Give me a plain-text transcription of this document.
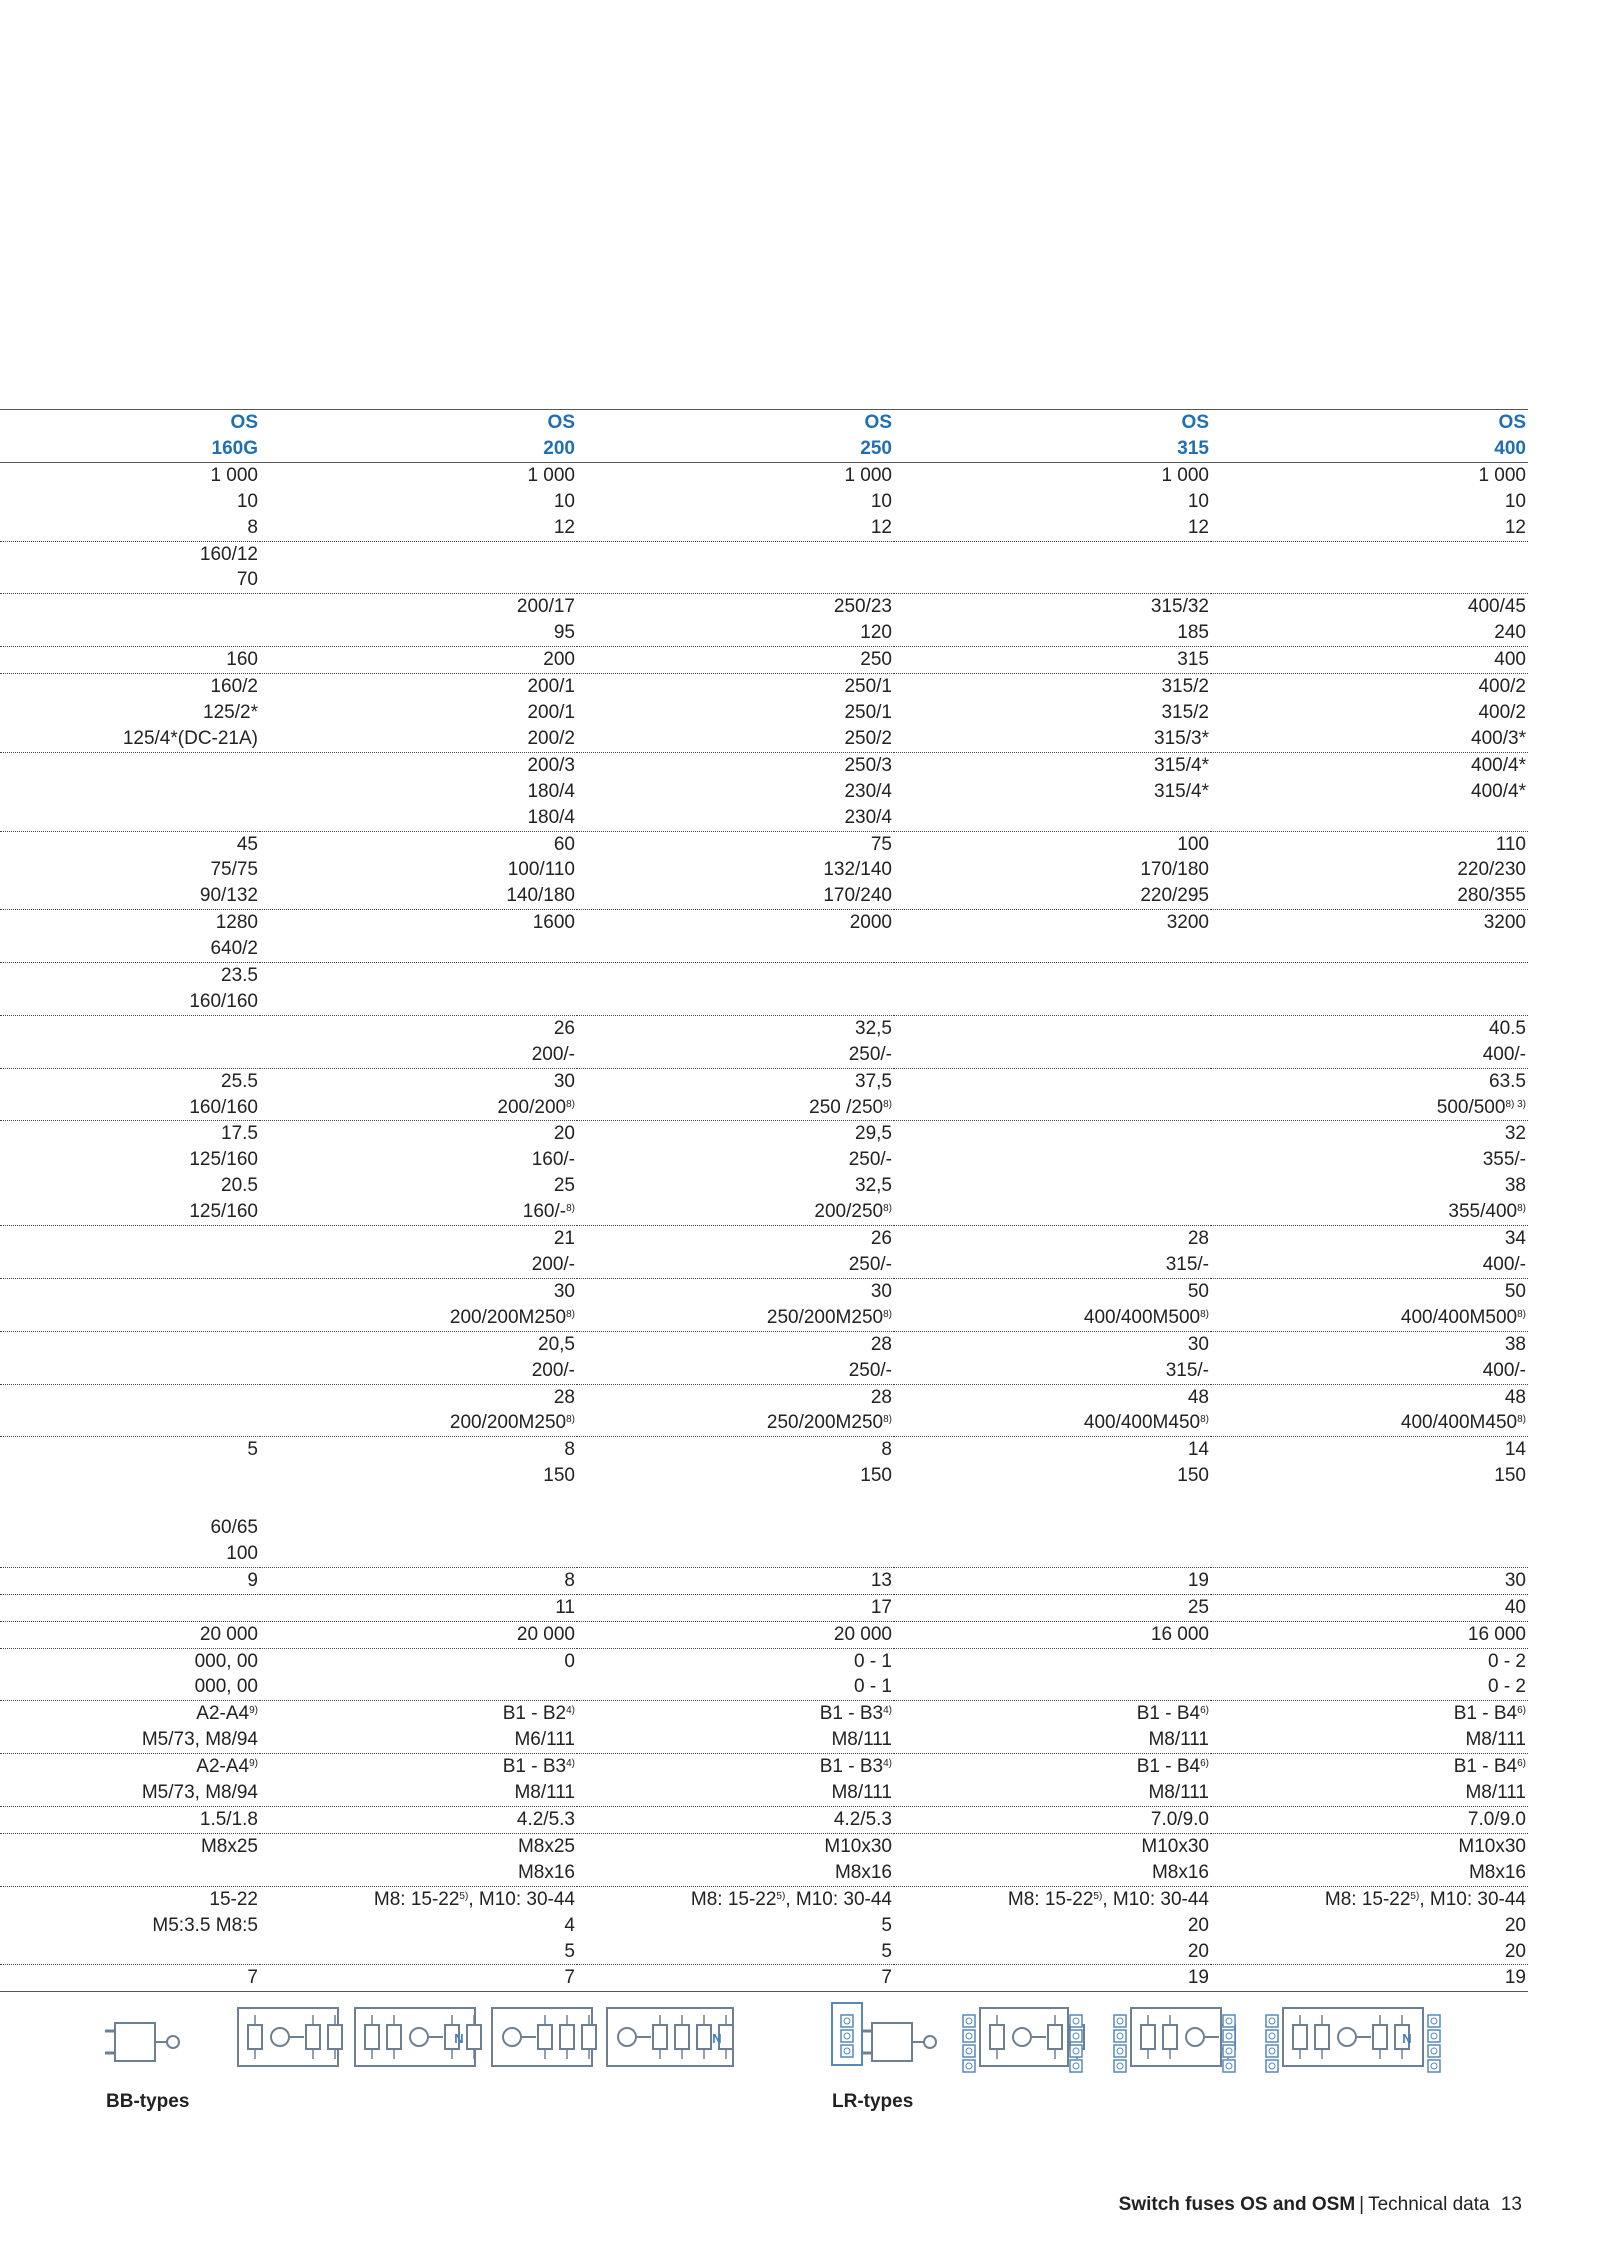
OS	OS	OS	OS	OS
160G	200	250	315	400
1 000	1 000	1 000	1 000	1 000
10	10	10	10	10
8	12	12	12	12
160/12				
70				
	200/17	250/23	315/32	400/45
	95	120	185	240
160	200	250	315	400
160/2	200/1	250/1	315/2	400/2
125/2*	200/1	250/1	315/2	400/2
125/4*(DC-21A)	200/2	250/2	315/3*	400/3*
	200/3	250/3	315/4*	400/4*
	180/4	230/4	315/4*	400/4*
	180/4	230/4		
45	60	75	100	110
75/75	100/110	132/140	170/180	220/230
90/132	140/180	170/240	220/295	280/355
1280	1600	2000	3200	3200
640/2				
23.5				
160/160				
	26	32,5		40.5
	200/-	250/-		400/-
25.5	30	37,5		63.5
160/160	200/200$^{8)}$	250 /250$^{8)}$		$500/500^{8) 3)}$
17.5	20	29,5		32
125/160	160/-	250/-		355/-
20.5	25	32,5		38
125/160	160/-$^{8)}$	200/250$^{8)}$		355/400$^{8)}$
	21	26	28	34
	200/-	250/-	315/-	400/-
	30	30	50	50
	200/200M250$^{8)}$	250/200M250$^{8)}$	400/400M500$^{8)}$	400/400M500$^{8)}$
	20,5	28	30	38
	200/-	250/-	315/-	400/-
	28	28	48	48
	200/200M250$^{8)}$	250/200M250$^{8)}$	400/400M450$^{8)}$	400/400M450$^{8)}$
5	8	8	14	14
	150	150	150	150

60/65				
100				
9	8	13	19	30
	11	17	25	40
20 000	20 000	20 000	16 000	16 000
000, 00	0	0 - 1		0 - 2
000, 00		0 - 1		0 - 2
A2-A4$^{9)}$	B1 - B2$^{4)}$	B1 - B3$^{4)}$	B1 - B4$^{6)}$	B1 - B4$^{6)}$
M5/73, M8/94	M6/111	M8/111	M8/111	M8/111
A2-A4$^{9)}$	B1 - B3$^{4)}$	B1 - B3$^{4)}$	B1 - B4$^{6)}$	B1 - B4$^{6)}$
M5/73, M8/94	M8/111	M8/111	M8/111	M8/111
1.5/1.8	4.2/5.3	4.2/5.3	7.0/9.0	7.0/9.0
M8x25	M8x25	M10x30	M10x30	M10x30
	M8x16	M8x16	M8x16	M8x16
15-22	M8: 15-22$^{5)}$, M10: 30-44	M8: 15-22$^{5)}$, M10: 30-44	M8: 15-22$^{5)}$, M10: 30-44	M8: 15-22$^{5)}$, M10: 30-44
M5:3.5 M8:5	4	5	20	20
	5	5	20	20
7	7	7	19	19
N	N	N
BB-types	LR-types
Switch fuses OS and OSM | Technical data 13
